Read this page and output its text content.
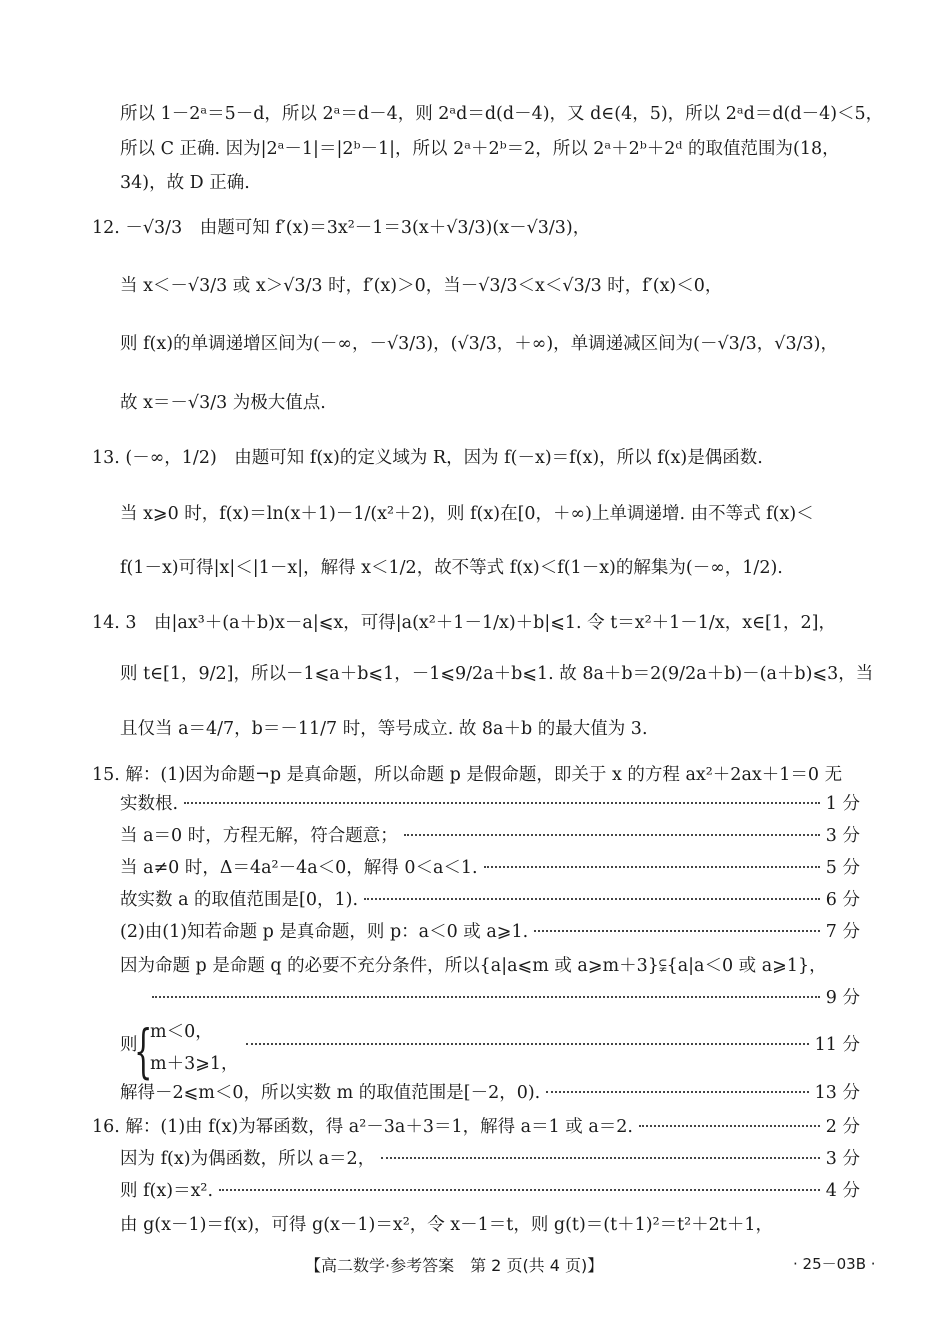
所以 1－2ᵃ＝5－d，所以 2ᵃ＝d－4，则 2ᵃd＝d(d－4)，又 d∈(4，5)，所以 2ᵃd＝d(d－4)＜5，
所以 C 正确. 因为|2ᵃ－1|＝|2ᵇ－1|，所以 2ᵃ＋2ᵇ＝2，所以 2ᵃ＋2ᵇ＋2ᵈ 的取值范围为(18，
34)，故 D 正确.
12. －√3/3　由题可知 f′(x)＝3x²－1＝3(x＋√3/3)(x－√3/3)，
当 x＜－√3/3 或 x＞√3/3 时，f′(x)＞0，当－√3/3＜x＜√3/3 时，f′(x)＜0，
则 f(x)的单调递增区间为(－∞，－√3/3)，(√3/3，＋∞)，单调递减区间为(－√3/3，√3/3)，
故 x＝－√3/3 为极大值点.
13. (－∞，1/2)　由题可知 f(x)的定义域为 R，因为 f(－x)＝f(x)，所以 f(x)是偶函数.
当 x⩾0 时，f(x)＝ln(x＋1)－1/(x²＋2)，则 f(x)在[0，＋∞)上单调递增. 由不等式 f(x)＜
f(1－x)可得|x|＜|1－x|，解得 x＜1/2，故不等式 f(x)＜f(1－x)的解集为(－∞，1/2).
14. 3　由|ax³＋(a＋b)x－a|⩽x，可得|a(x²＋1－1/x)＋b|⩽1. 令 t＝x²＋1－1/x，x∈[1，2]，
则 t∈[1，9/2]，所以－1⩽a＋b⩽1，－1⩽9/2a＋b⩽1. 故 8a＋b＝2(9/2a＋b)－(a＋b)⩽3，当
且仅当 a＝4/7，b＝－11/7 时，等号成立. 故 8a＋b 的最大值为 3.
15. 解：(1)因为命题¬p 是真命题，所以命题 p 是假命题，即关于 x 的方程 ax²＋2ax＋1＝0 无
实数根.	1 分
当 a＝0 时，方程无解，符合题意；	3 分
当 a≠0 时，Δ＝4a²－4a＜0，解得 0＜a＜1.	5 分
故实数 a 的取值范围是[0，1).	6 分
(2)由(1)知若命题 p 是真命题，则 p：a＜0 或 a⩾1.	7 分
因为命题 p 是命题 q 的必要不充分条件，所以{a|a⩽m 或 a⩾m＋3}⫋{a|a＜0 或 a⩾1}，
9 分
则
{
m＜0，
m＋3⩾1，
11 分
解得－2⩽m＜0，所以实数 m 的取值范围是[－2，0).	13 分
16. 解：(1)由 f(x)为幂函数，得 a²－3a＋3＝1，解得 a＝1 或 a＝2.	2 分
因为 f(x)为偶函数，所以 a＝2，	3 分
则 f(x)＝x².	4 分
由 g(x－1)＝f(x)，可得 g(x－1)＝x²，令 x－1＝t，则 g(t)＝(t＋1)²＝t²＋2t＋1，
【高二数学·参考答案　第 2 页(共 4 页)】	· 25－03B ·
